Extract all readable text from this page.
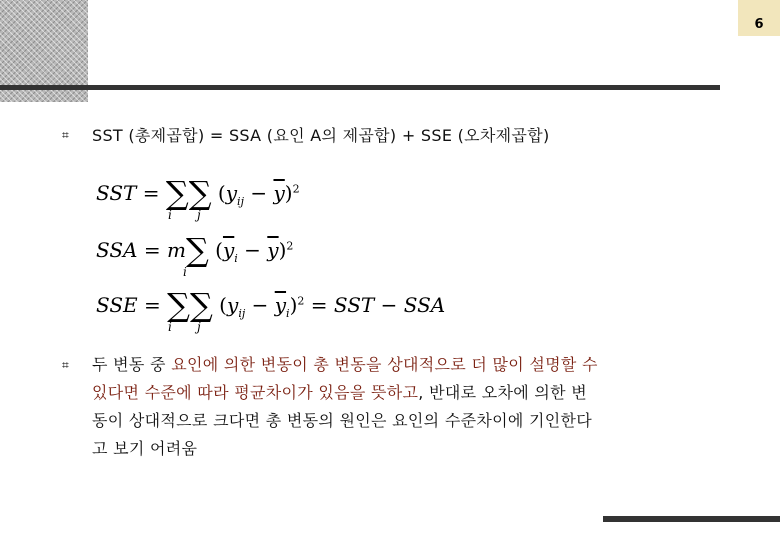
6
⌗ SST (총제곱합) = SSA (요인 A의 제곱합) + SSE (오차제곱합)
SST = ∑∑ $(y_{ij} - \overline{y})^2$
i j
SSA = m∑ $(\overline{y}_i - \overline{y})^2$
i
SSE = ∑∑ $(y_{ij} - \overline{y}_i)^2$ = SST − SSA
i j
⌗ 두 변동 중 요인에 의한 변동이 총 변동을 상대적으로 더 많이 설명할 수
있다면 수준에 따라 평균차이가 있음을 뜻하고, 반대로 오차에 의한 변
동이 상대적으로 크다면 총 변동의 원인은 요인의 수준차이에 기인한다
고 보기 어려움
